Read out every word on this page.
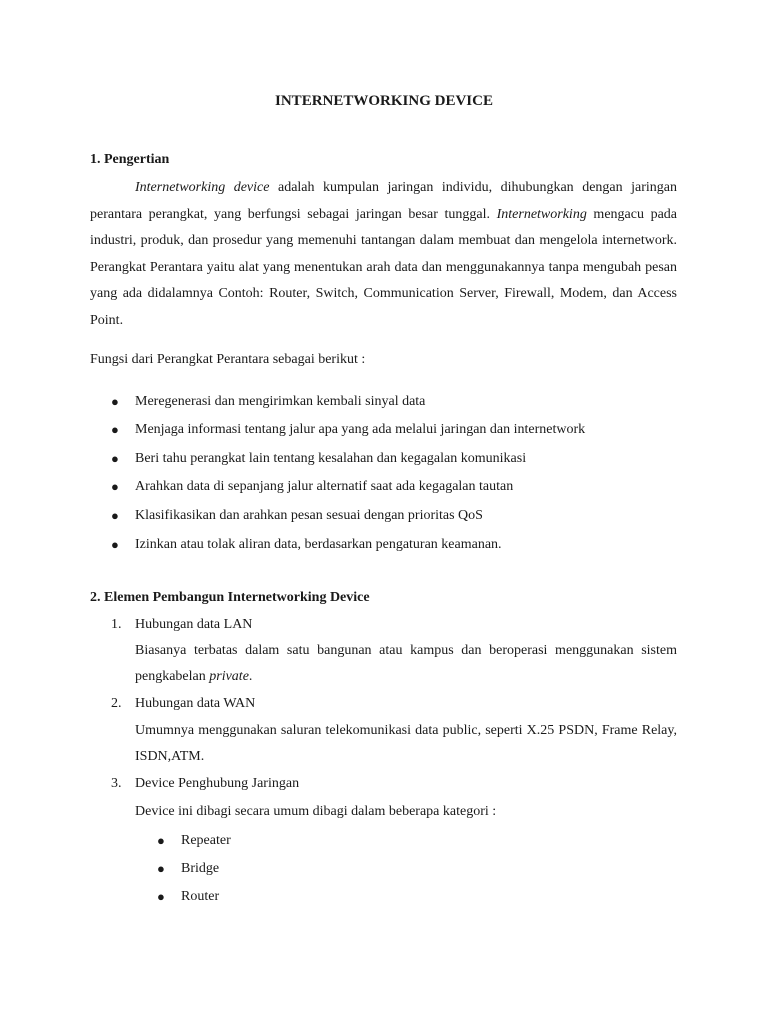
INTERNETWORKING DEVICE
1. Pengertian

Internetworking device adalah kumpulan jaringan individu, dihubungkan dengan jaringan perantara perangkat, yang berfungsi sebagai jaringan besar tunggal. Internetworking mengacu pada industri, produk, dan prosedur yang memenuhi tantangan dalam membuat dan mengelola internetwork. Perangkat Perantara yaitu alat yang menentukan arah data dan menggunakannya tanpa mengubah pesan yang ada didalamnya Contoh: Router, Switch, Communication Server, Firewall, Modem, dan Access Point.

Fungsi dari Perangkat Perantara sebagai berikut :
● Meregenerasi dan mengirimkan kembali sinyal data
● Menjaga informasi tentang jalur apa yang ada melalui jaringan dan internetwork
● Beri tahu perangkat lain tentang kesalahan dan kegagalan komunikasi
● Arahkan data di sepanjang jalur alternatif saat ada kegagalan tautan
● Klasifikasikan dan arahkan pesan sesuai dengan prioritas QoS
● Izinkan atau tolak aliran data, berdasarkan pengaturan keamanan.
2. Elemen Pembangun Internetworking Device
1. Hubungan data LAN

Biasanya terbatas dalam satu bangunan atau kampus dan beroperasi menggunakan sistem pengkabelan private.

2. Hubungan data WAN

Umumnya menggunakan saluran telekomunikasi data public, seperti X.25 PSDN, Frame Relay, ISDN,ATM.

3. Device Penghubung Jaringan
Device ini dibagi secara umum dibagi dalam beberapa kategori :
● Repeater
● Bridge
● Router
